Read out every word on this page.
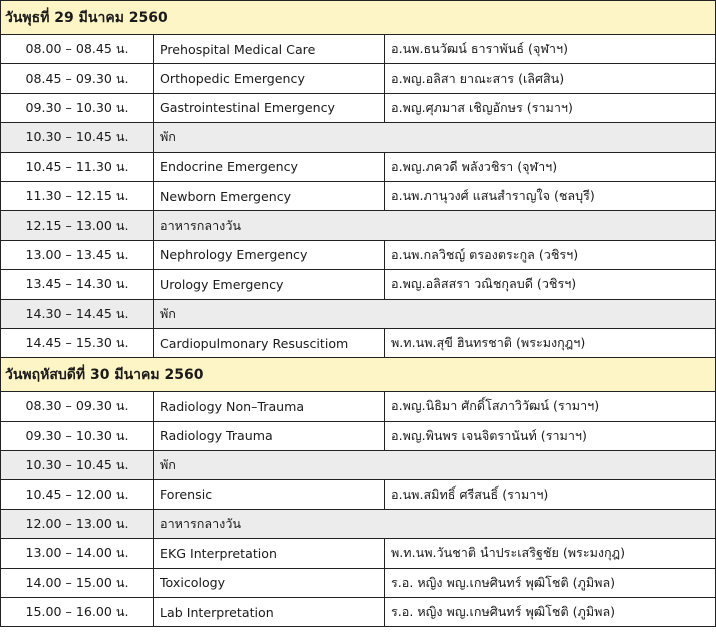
วันพุธที่ 29 มีนาคม 2560		
08.00 – 08.45 น.	Prehospital Medical Care	อ.นพ.ธนวัฒน์ ธาราพันธ์ (จุฬาฯ)
08.45 – 09.30 น.	Orthopedic Emergency	อ.พญ.อลิสา ยาณะสาร (เลิศสิน)
09.30 – 10.30 น.	Gastrointestinal Emergency	อ.พญ.ศุภมาส เชิญอักษร (รามาฯ)
10.30 – 10.45 น.	พัก	
10.45 – 11.30 น.	Endocrine Emergency	อ.พญ.ภควดี พลังวชิรา (จุฬาฯ)
11.30 – 12.15 น.	Newborn Emergency	อ.นพ.ภานุวงศ์ แสนสำราญใจ (ชลบุรี)
12.15 – 13.00 น.	อาหารกลางวัน	
13.00 – 13.45 น.	Nephrology Emergency	อ.นพ.กลวิชญ์ ตรองตระกูล (วชิรฯ)
13.45 – 14.30 น.	Urology Emergency	อ.พญ.อลิสสรา วณิชกุลบดี (วชิรฯ)
14.30 – 14.45 น.	พัก	
14.45 – 15.30 น.	Cardiopulmonary Resuscitiom	พ.ท.นพ.สุขี ฮินทรชาติ (พระมงกุฎฯ)
วันพฤหัสบดีที่ 30 มีนาคม 2560		
08.30 – 09.30 น.	Radiology Non–Trauma	อ.พญ.นิธิมา ศักดิ์โสภาวิวัฒน์ (รามาฯ)
09.30 – 10.30 น.	Radiology Trauma	อ.พญ.พินพร เจนจิตรานันท์ (รามาฯ)
10.30 – 10.45 น.	พัก	
10.45 – 12.00 น.	Forensic	อ.นพ.สมิทธิ์ ศรีสนธิ์ (รามาฯ)
12.00 – 13.00 น.	อาหารกลางวัน	
13.00 – 14.00 น.	EKG Interpretation	พ.ท.นพ.วันชาติ นำประเสริฐชัย (พระมงกุฎ)
14.00 – 15.00 น.	Toxicology	ร.อ. หญิง พญ.เกษศินทร์ พุฒิโชติ (ภูมิพล)
15.00 – 16.00 น.	Lab Interpretation	ร.อ. หญิง พญ.เกษศินทร์ พุฒิโชติ (ภูมิพล)
